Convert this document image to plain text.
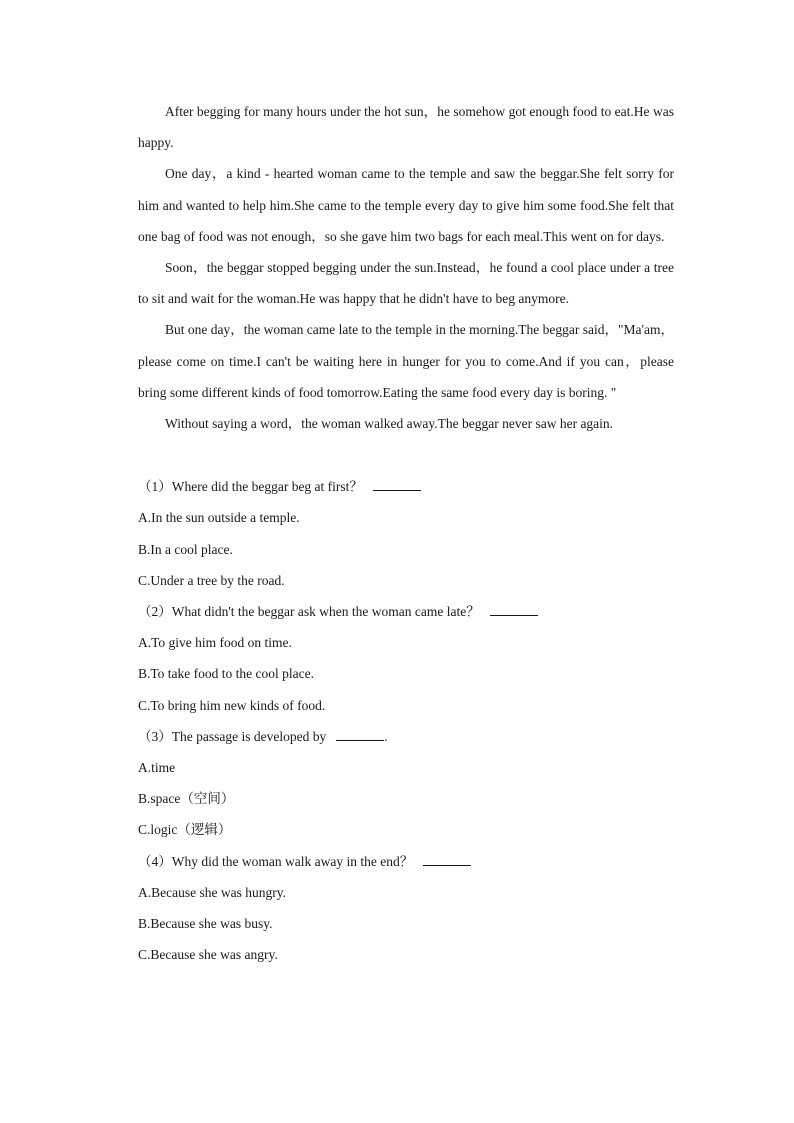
After begging for many hours under the hot sun，he somehow got enough food to eat.He was happy.

One day，a kind - hearted woman came to the temple and saw the beggar.She felt sorry for him and wanted to help him.She came to the temple every day to give him some food.She felt that one bag of food was not enough，so she gave him two bags for each meal.This went on for days.

Soon，the beggar stopped begging under the sun.Instead，he found a cool place under a tree to sit and wait for the woman.He was happy that he didn't have to beg anymore.

But one day，the woman came late to the temple in the morning.The beggar said，"Ma'am，please come on time.I can't be waiting here in hunger for you to come.And if you can，please bring some different kinds of food tomorrow.Eating the same food every day is boring. "

Without saying a word，the woman walked away.The beggar never saw her again.

（1）Where did the beggar beg at first？

A.In the sun outside a temple.

B.In a cool place.

C.Under a tree by the road.

（2）What didn't the beggar ask when the woman came late？

A.To give him food on time.

B.To take food to the cool place.

C.To bring him new kinds of food.

（3）The passage is developed by	.

A.time

B.space（空间）

C.logic（逻辑）

（4）Why did the woman walk away in the end？

A.Because she was hungry.

B.Because she was busy.

C.Because she was angry.
